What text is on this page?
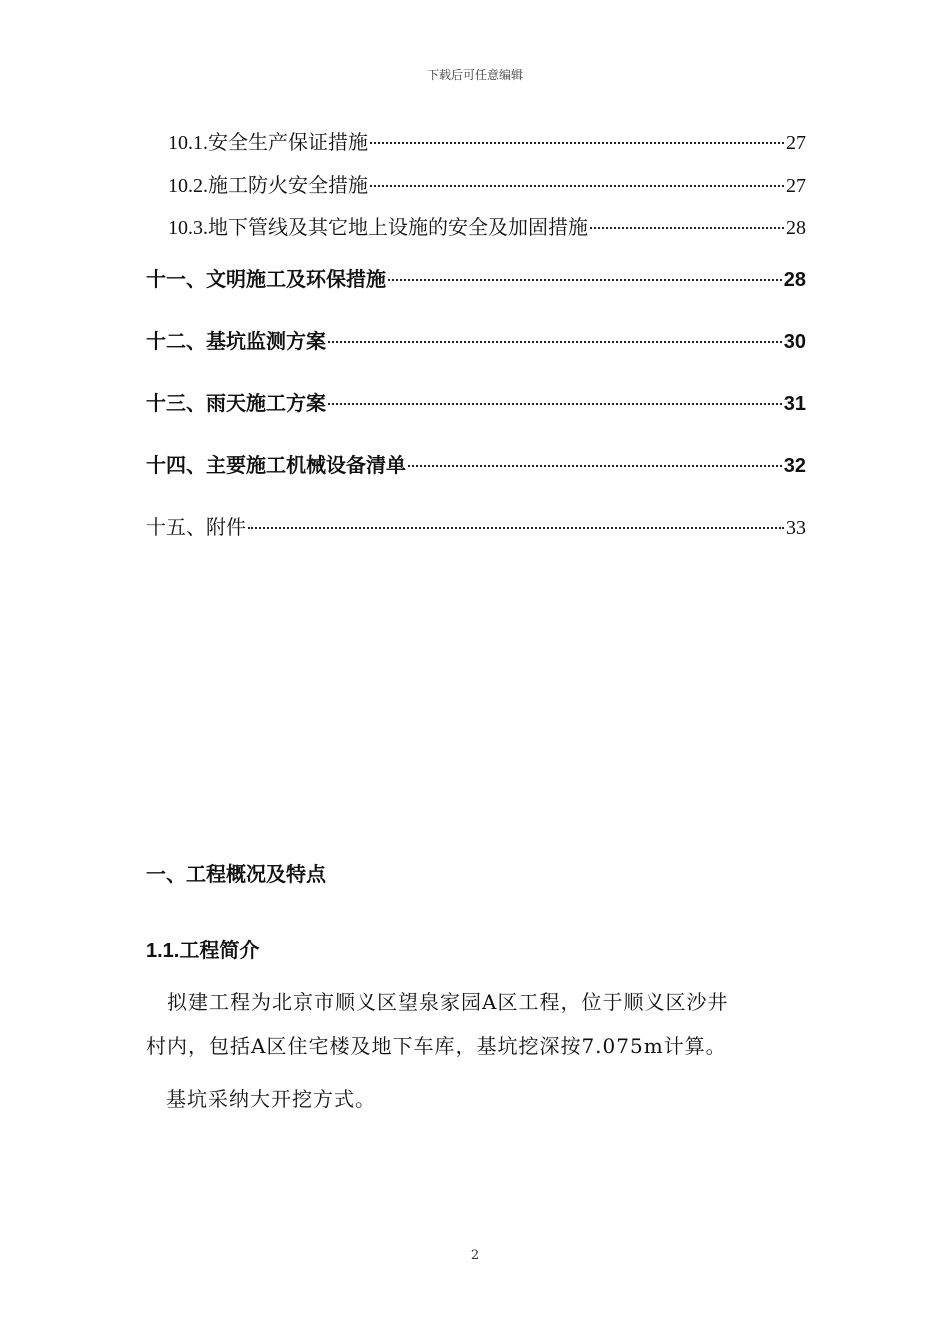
下载后可任意编辑
10.1.安全生产保证措施	27
10.2.施工防火安全措施	27
10.3.地下管线及其它地上设施的安全及加固措施	28
十一、文明施工及环保措施	28
十二、基坑监测方案	30
十三、雨天施工方案	31
十四、主要施工机械设备清单	32
十五、附件	33
一、工程概况及特点
1.1.工程简介
　拟建工程为北京市顺义区望泉家园A区工程，位于顺义区沙井
村内，包括A区住宅楼及地下车库，基坑挖深按7.075m计算。
基坑采纳大开挖方式。
2
